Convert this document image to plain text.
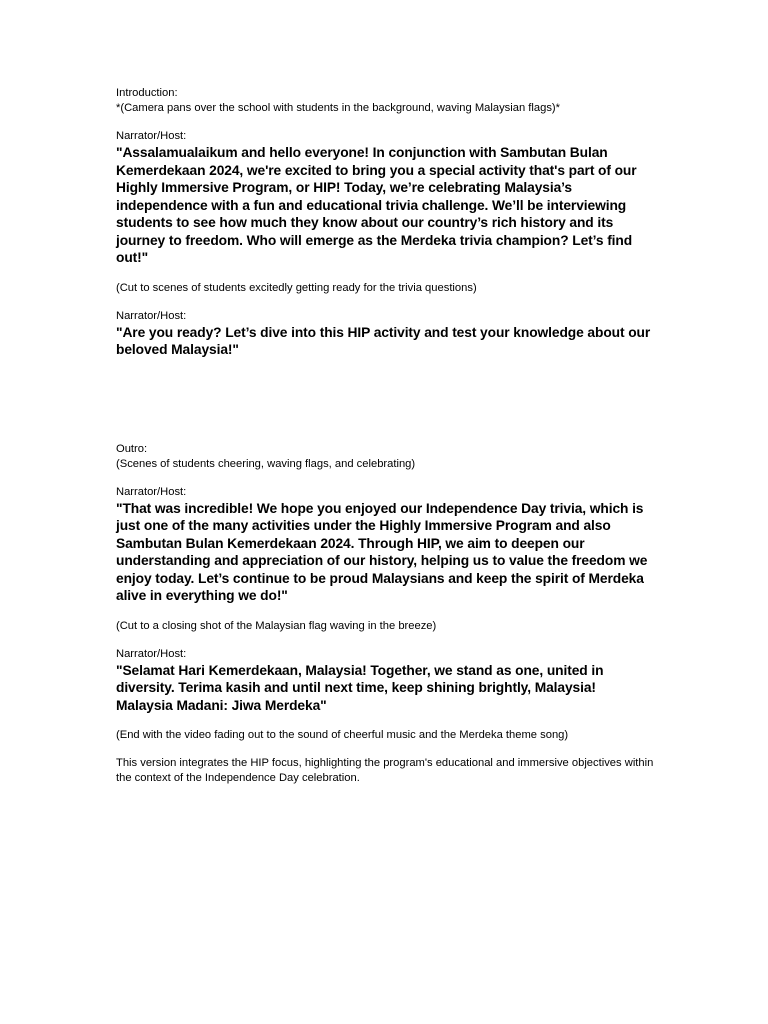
Introduction:

*(Camera pans over the school with students in the background, waving Malaysian flags)*

Narrator/Host:

"Assalamualaikum and hello everyone! In conjunction with Sambutan Bulan Kemerdekaan 2024, we're excited to bring you a special activity that's part of our Highly Immersive Program, or HIP! Today, we’re celebrating Malaysia’s independence with a fun and educational trivia challenge. We’ll be interviewing students to see how much they know about our country’s rich history and its journey to freedom. Who will emerge as the Merdeka trivia champion? Let’s find out!"

(Cut to scenes of students excitedly getting ready for the trivia questions)

Narrator/Host:

"Are you ready? Let’s dive into this HIP activity and test your knowledge about our beloved Malaysia!"

Outro:

(Scenes of students cheering, waving flags, and celebrating)

Narrator/Host:

"That was incredible! We hope you enjoyed our Independence Day trivia, which is just one of the many activities under the Highly Immersive Program and also Sambutan Bulan Kemerdekaan 2024. Through HIP, we aim to deepen our understanding and appreciation of our history, helping us to value the freedom we enjoy today. Let’s continue to be proud Malaysians and keep the spirit of Merdeka alive in everything we do!"

(Cut to a closing shot of the Malaysian flag waving in the breeze)

Narrator/Host:

"Selamat Hari Kemerdekaan, Malaysia! Together, we stand as one, united in diversity. Terima kasih and until next time, keep shining brightly, Malaysia! Malaysia Madani: Jiwa Merdeka"

(End with the video fading out to the sound of cheerful music and the Merdeka theme song)

This version integrates the HIP focus, highlighting the program's educational and immersive objectives within the context of the Independence Day celebration.
